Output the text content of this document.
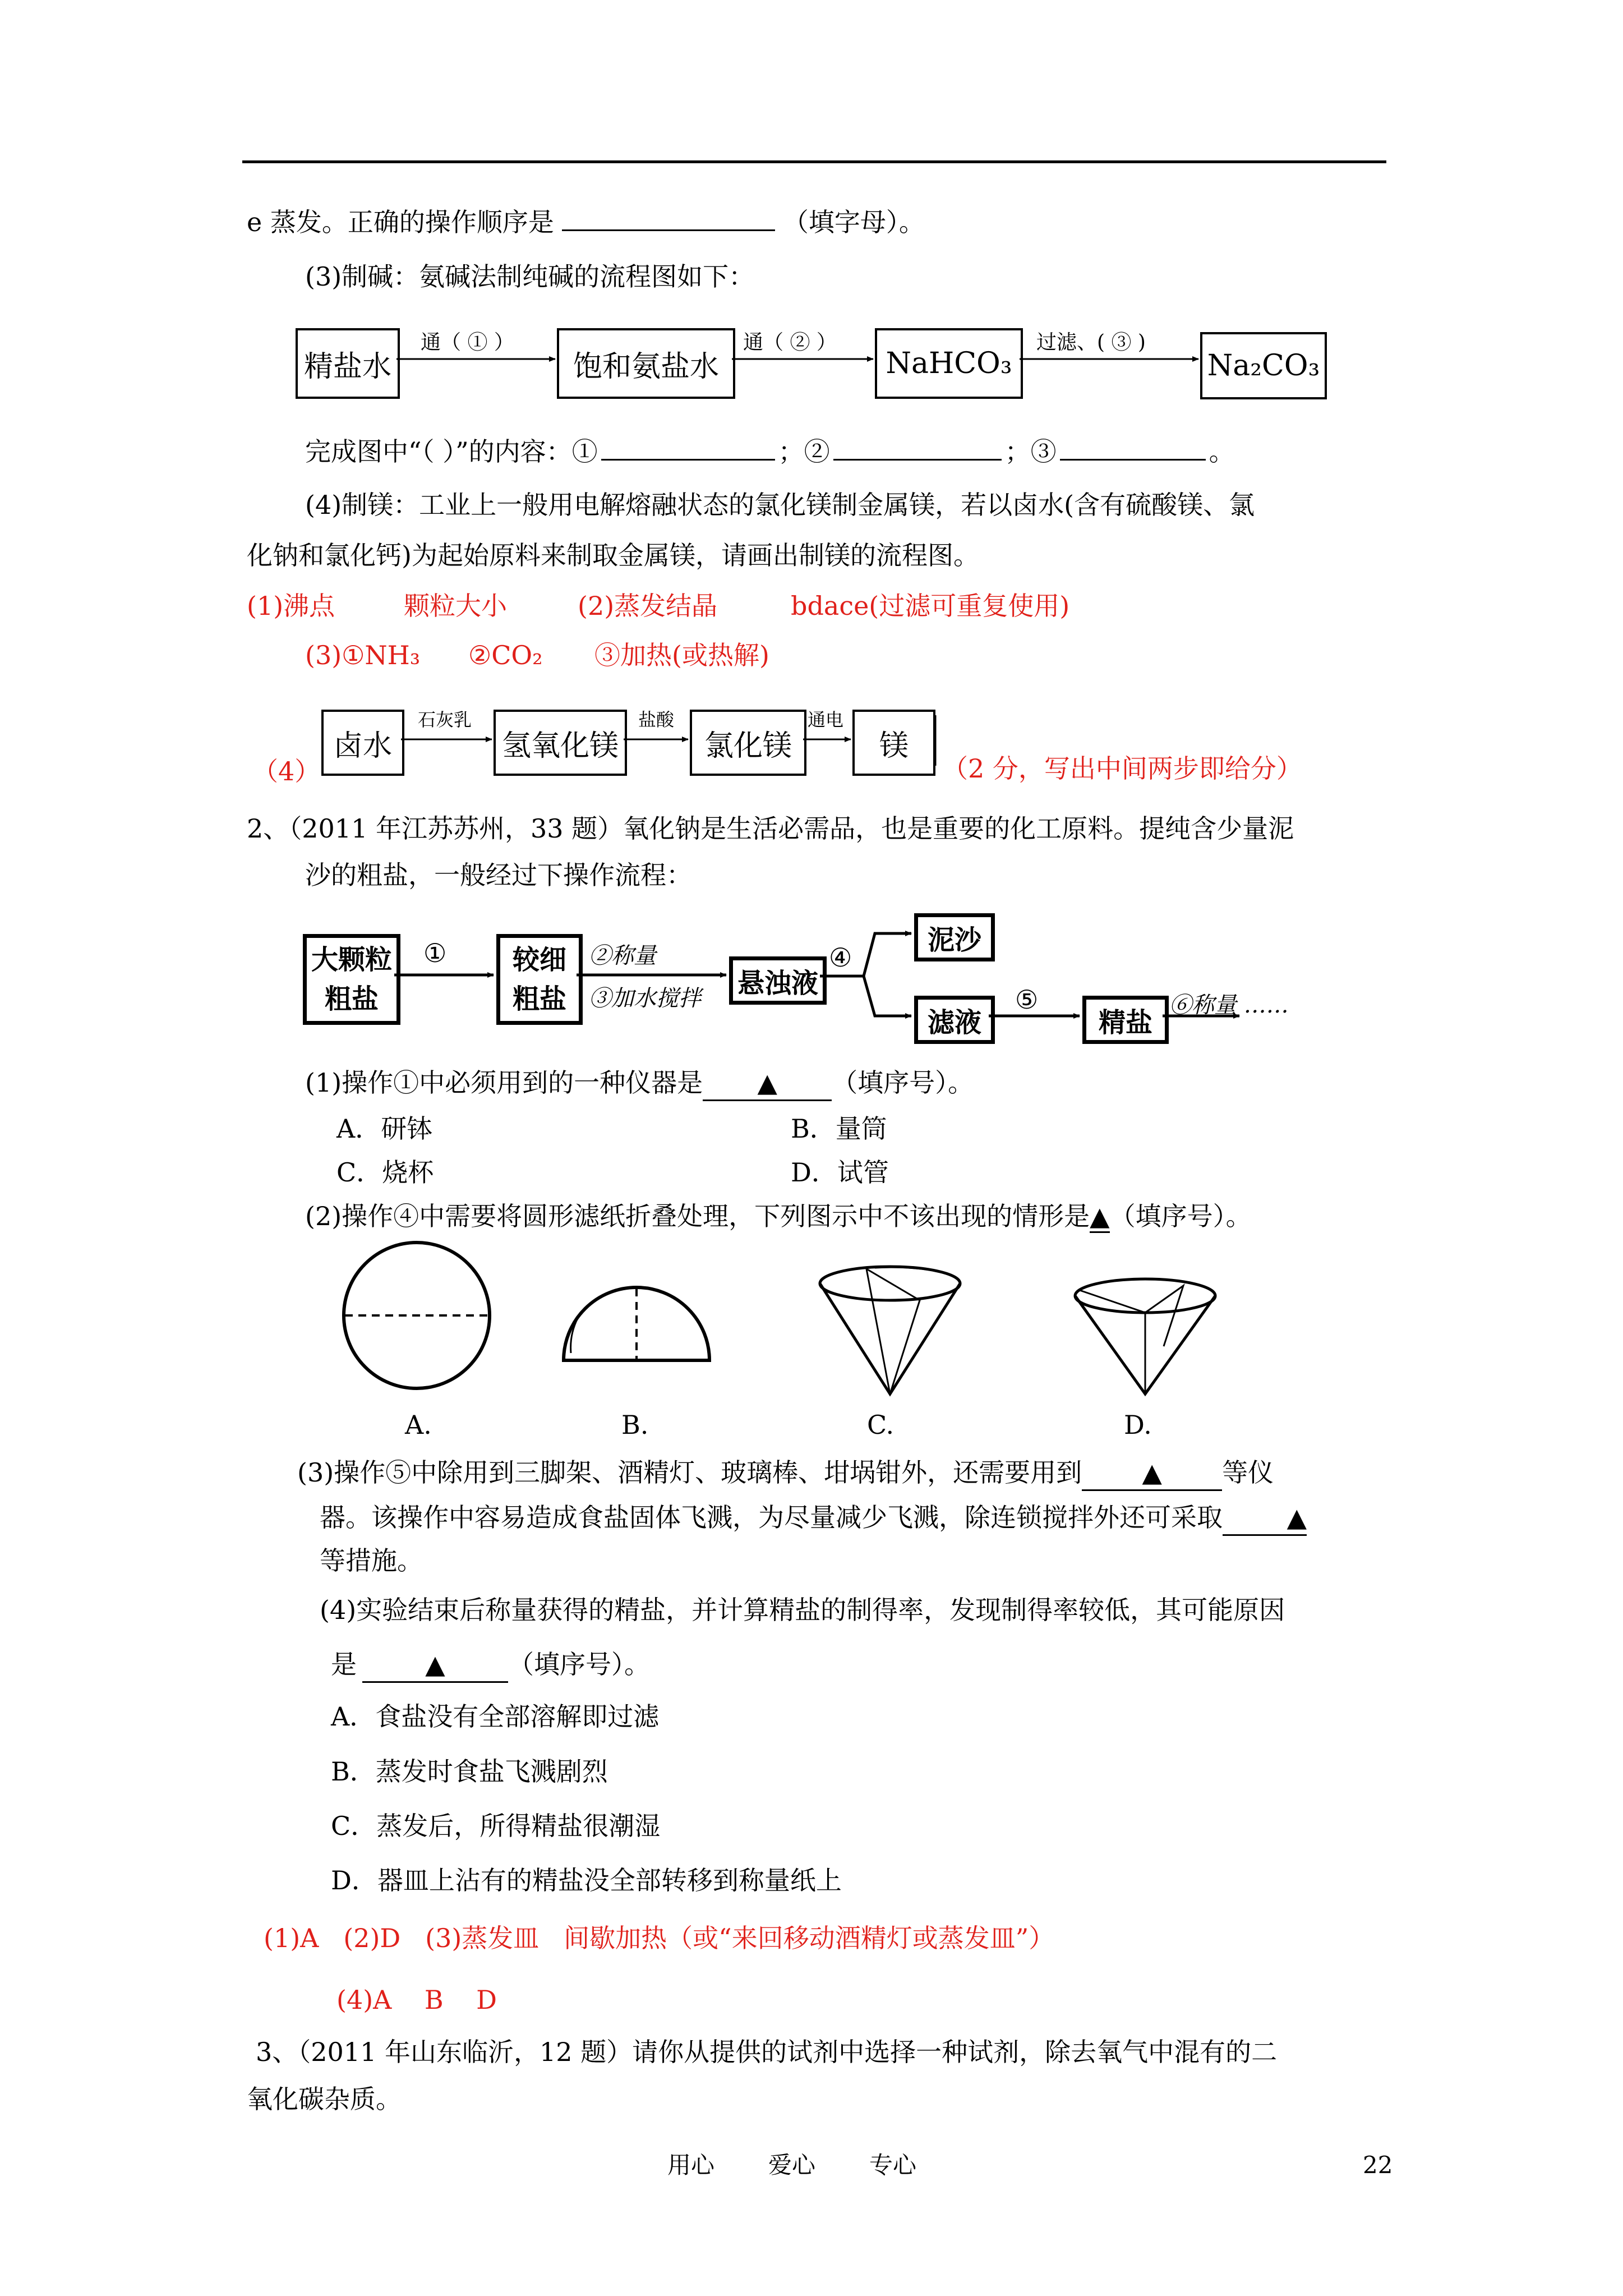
e 蒸发。正确的操作顺序是	（填字母）。
(3)制碱：氨碱法制纯碱的流程图如下：
精盐水	饱和氨盐水	NaHCO₃	Na₂CO₃
通（ ① ）	通（ ② ）	过滤、( ③ )
完成图中“（ ）”的内容：①	；②	；③	。
(4)制镁：工业上一般用电解熔融状态的氯化镁制金属镁，若以卤水(含有硫酸镁、氯
化钠和氯化钙)为起始原料来制取金属镁，请画出制镁的流程图。
(1)沸点	颗粒大小	(2)蒸发结晶	bdace(过滤可重复使用)
(3)①NH₃ ②CO₂ ③加热(或热解)
（4）
卤水	氢氧化镁	氯化镁	镁
石灰乳	盐酸	通电
（2 分，写出中间两步即给分）
2、（2011 年江苏苏州，33 题）氧化钠是生活必需品，也是重要的化工原料。提纯含少量泥
沙的粗盐，一般经过下操作流程：
大颗粒
粗盐
较细
粗盐
悬浊液
泥沙
滤液	精盐
①	②称量
③加水搅拌
④
⑤	⑥称量 ……
(1)操作①中必须用到的一种仪器是 ▲ （填序号）。
A．研钵	B．量筒
C．烧杯	D．试管
(2)操作④中需要将圆形滤纸折叠处理，下列图示中不该出现的情形是▲（填序号）。
A.	B.	C.	D.
(3)操作⑤中除用到三脚架、酒精灯、玻璃棒、坩埚钳外，还需要用到 ▲ 等仪
器。该操作中容易造成食盐固体飞溅，为尽量减少飞溅，除连锁搅拌外还可采取 ▲
等措施。
(4)实验结束后称量获得的精盐，并计算精盐的制得率，发现制得率较低，其可能原因
是	▲ （填序号）。
A．食盐没有全部溶解即过滤
B．蒸发时食盐飞溅剧烈
C．蒸发后，所得精盐很潮湿
D．器皿上沾有的精盐没全部转移到称量纸上
(1)A   (2)D   (3)蒸发皿   间歇加热（或“来回移动酒精灯或蒸发皿”）
(4)A    B    D
3、（2011 年山东临沂，12 题）请你从提供的试剂中选择一种试剂，除去氧气中混有的二
氧化碳杂质。
用心 爱心 专心	22
